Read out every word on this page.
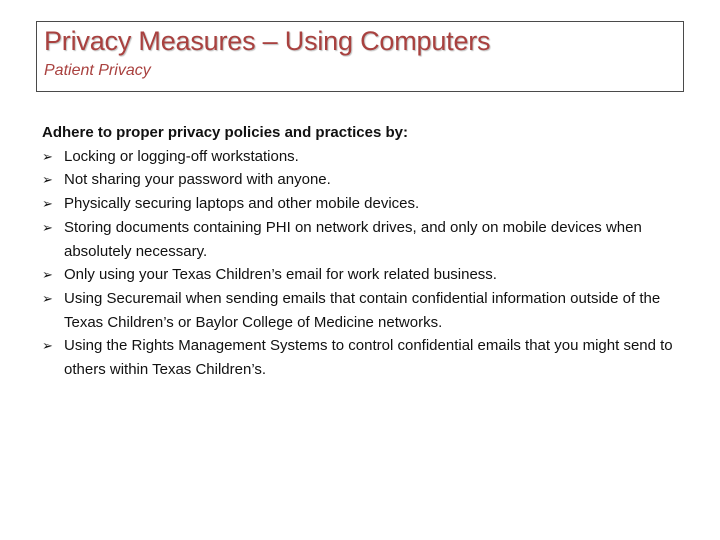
Privacy Measures – Using Computers

Patient Privacy

Adhere to proper privacy policies and practices by:

➢ Locking or logging-off workstations.
➢ Not sharing your password with anyone.
➢ Physically securing laptops and other mobile devices.
➢ Storing documents containing PHI on network drives, and only on mobile devices when absolutely necessary.
➢ Only using your Texas Children’s email for work related business.
➢ Using Securemail when sending emails that contain confidential information outside of the Texas Children’s or Baylor College of Medicine networks.
➢ Using the Rights Management Systems to control confidential emails that you might send to others within Texas Children’s.
